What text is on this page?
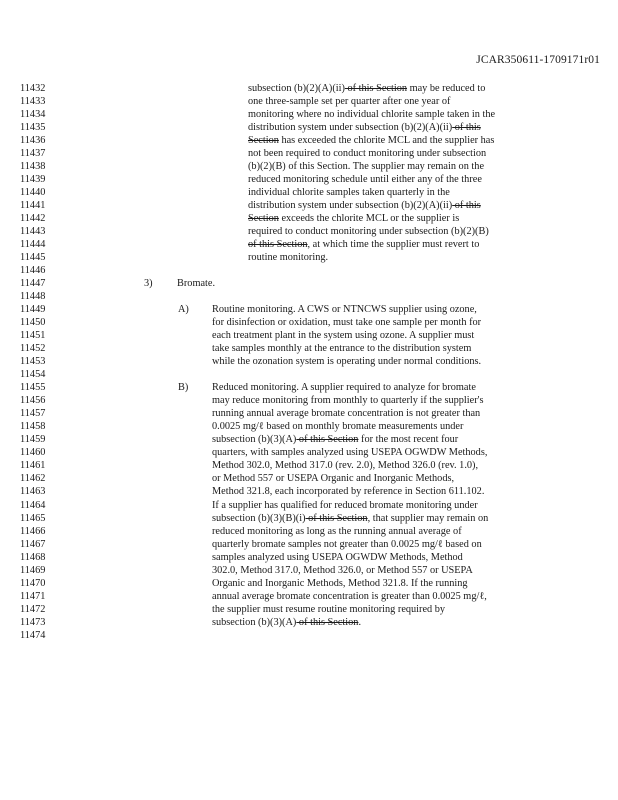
JCAR350611-1709171r01
11432
11433
11434
11435
11436
11437
11438
11439
11440
11441
11442
11443
11444
11445
11446
11447
11448
11449
11450
11451
11452
11453
11454
11455
11456
11457
11458
11459
11460
11461
11462
11463
11464
11465
11466
11467
11468
11469
11470
11471
11472
11473
11474
subsection (b)(2)(A)(ii) of this Section may be reduced to
one three-sample set per quarter after one year of
monitoring where no individual chlorite sample taken in the
distribution system under subsection (b)(2)(A)(ii) of this
Section has exceeded the chlorite MCL and the supplier has
not been required to conduct monitoring under subsection
(b)(2)(B) of this Section. The supplier may remain on the
reduced monitoring schedule until either any of the three
individual chlorite samples taken quarterly in the
distribution system under subsection (b)(2)(A)(ii) of this
Section exceeds the chlorite MCL or the supplier is
required to conduct monitoring under subsection (b)(2)(B)
of this Section, at which time the supplier must revert to
routine monitoring.
3) Bromate.
A) Routine monitoring. A CWS or NTNCWS supplier using ozone,
for disinfection or oxidation, must take one sample per month for
each treatment plant in the system using ozone. A supplier must
take samples monthly at the entrance to the distribution system
while the ozonation system is operating under normal conditions.
B) Reduced monitoring. A supplier required to analyze for bromate
may reduce monitoring from monthly to quarterly if the supplier's
running annual average bromate concentration is not greater than
0.0025 mg/ℓ based on monthly bromate measurements under
subsection (b)(3)(A) of this Section for the most recent four
quarters, with samples analyzed using USEPA OGWDW Methods,
Method 302.0, Method 317.0 (rev. 2.0), Method 326.0 (rev. 1.0),
or Method 557 or USEPA Organic and Inorganic Methods,
Method 321.8, each incorporated by reference in Section 611.102.
If a supplier has qualified for reduced bromate monitoring under
subsection (b)(3)(B)(i) of this Section, that supplier may remain on
reduced monitoring as long as the running annual average of
quarterly bromate samples not greater than 0.0025 mg/ℓ based on
samples analyzed using USEPA OGWDW Methods, Method
302.0, Method 317.0, Method 326.0, or Method 557 or USEPA
Organic and Inorganic Methods, Method 321.8. If the running
annual average bromate concentration is greater than 0.0025 mg/ℓ,
the supplier must resume routine monitoring required by
subsection (b)(3)(A) of this Section.
